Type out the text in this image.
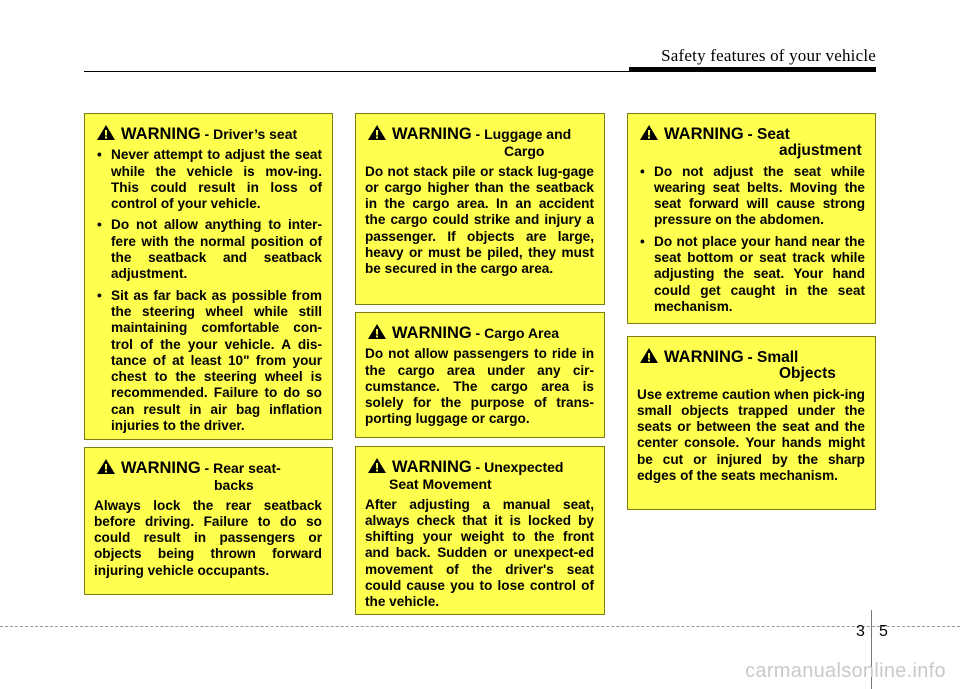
Safety features of your vehicle
WARNING - Driver’s seat
• Never attempt to adjust the seat while the vehicle is mov-ing. This could result in loss of control of your vehicle.
• Do not allow anything to inter-fere with the normal position of the seatback and seatback adjustment.
• Sit as far back as possible from the steering wheel while still maintaining comfortable con-trol of the your vehicle. A dis-tance of at least 10" from your chest to the steering wheel is recommended. Failure to do so can result in air bag inflation injuries to the driver.
WARNING - Rear seat-
backs

Always lock the rear seatback before driving. Failure to do so could result in passengers or objects being thrown forward injuring vehicle occupants.

WARNING - Luggage and
Cargo

Do not stack pile or stack lug-gage or cargo higher than the seatback in the cargo area. In an accident the cargo could strike and injury a passenger. If objects are large, heavy or must be piled, they must be secured in the cargo area.

WARNING - Cargo Area

Do not allow passengers to ride in the cargo area under any cir-cumstance. The cargo area is solely for the purpose of trans-porting luggage or cargo.

WARNING - Unexpected
Seat Movement

After adjusting a manual seat, always check that it is locked by shifting your weight to the front and back. Sudden or unexpect-ed movement of the driver's seat could cause you to lose control of the vehicle.

WARNING - Seat
adjustment
• Do not adjust the seat while wearing seat belts. Moving the seat forward will cause strong pressure on the abdomen.
• Do not place your hand near the seat bottom or seat track while adjusting the seat. Your hand could get caught in the seat mechanism.
WARNING - Small
Objects

Use extreme caution when pick-ing small objects trapped under the seats or between the seat and the center console. Your hands might be cut or injured by the sharp edges of the seats mechanism.

3 5
carmanualsonline.info
